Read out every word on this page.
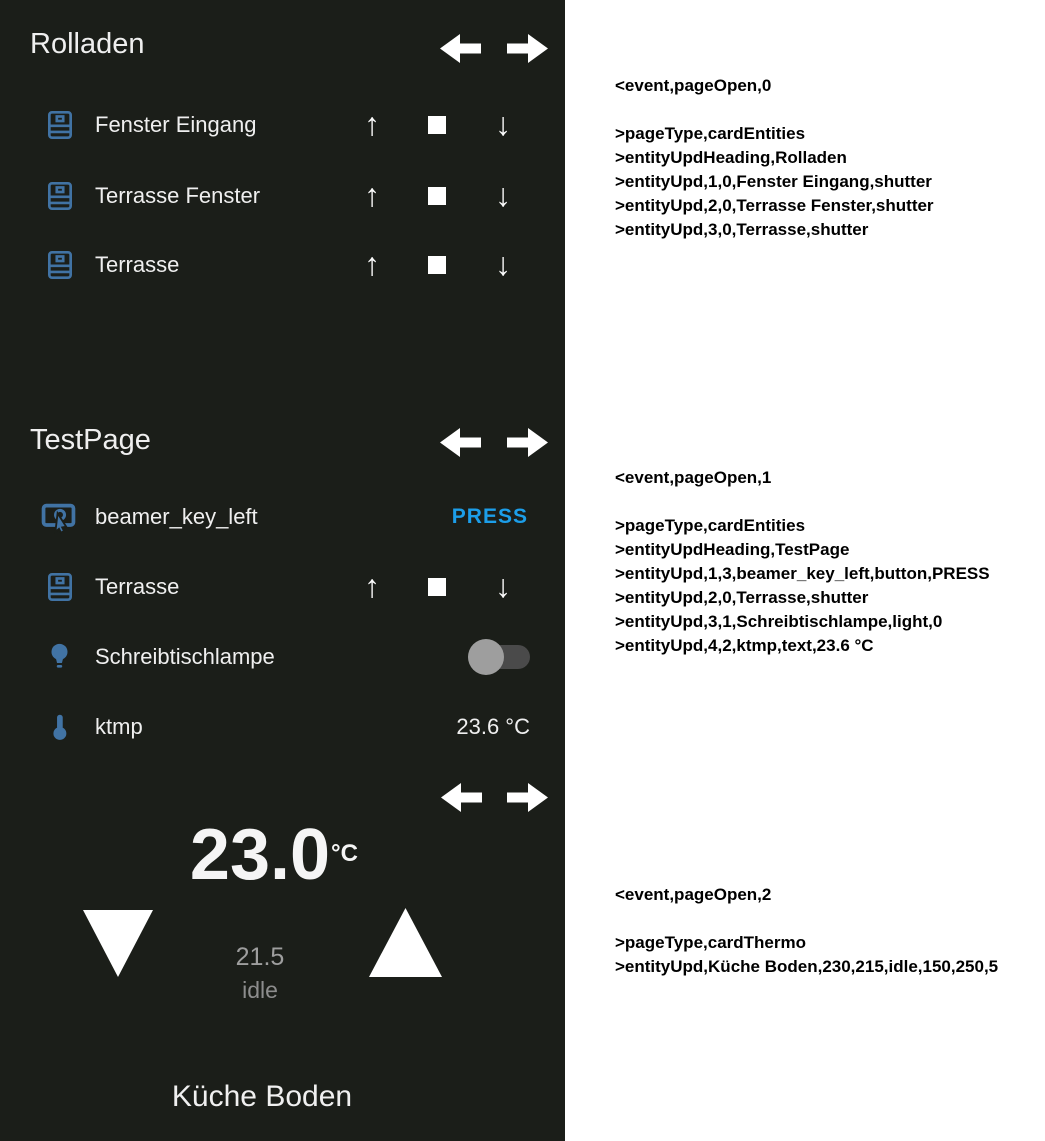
Rolladen
Fenster Eingang	↑	↓
Terrasse Fenster	↑	↓
Terrasse	↑	↓
TestPage
beamer_key_left	PRESS
Terrasse	↑	↓
Schreibtischlampe
ktmp	23.6 °C
23.0 °C
21.5
idle
Küche Boden
<event,pageOpen,0
>pageType,cardEntities
>entityUpdHeading,Rolladen
>entityUpd,1,0,Fenster Eingang,shutter
>entityUpd,2,0,Terrasse Fenster,shutter
>entityUpd,3,0,Terrasse,shutter
<event,pageOpen,1
>pageType,cardEntities
>entityUpdHeading,TestPage
>entityUpd,1,3,beamer_key_left,button,PRESS
>entityUpd,2,0,Terrasse,shutter
>entityUpd,3,1,Schreibtischlampe,light,0
>entityUpd,4,2,ktmp,text,23.6 °C
<event,pageOpen,2
>pageType,cardThermo
>entityUpd,Küche Boden,230,215,idle,150,250,5
